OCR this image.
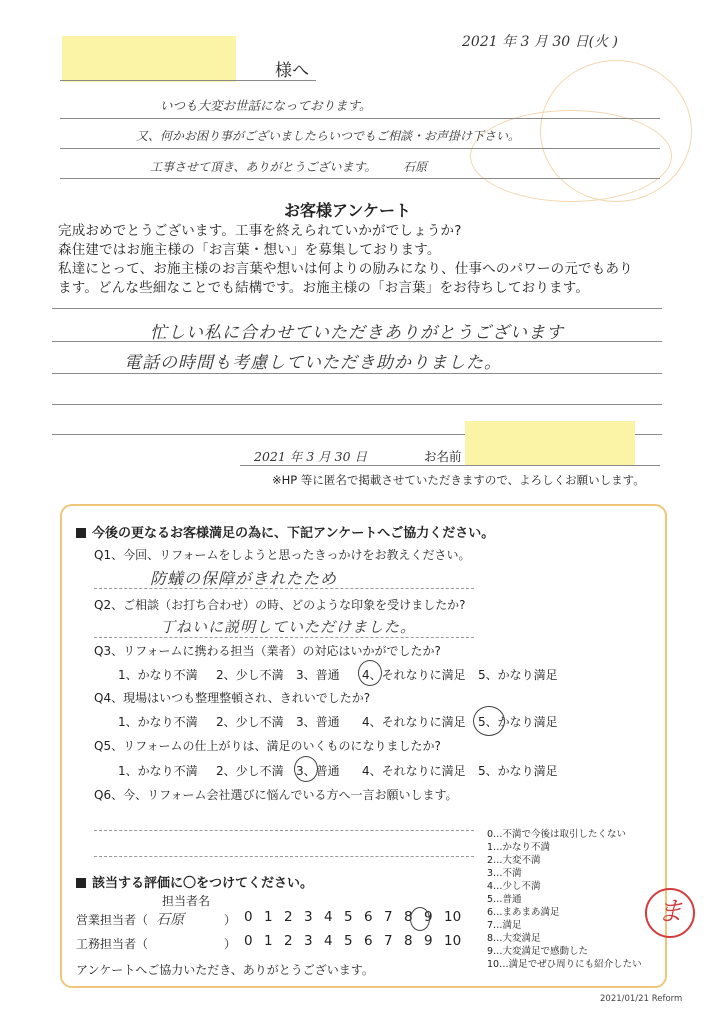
2021 年 3 月 30 日(火 )
様へ
いつも大変お世話になっております。
又、何かお困り事がございましたらいつでもご相談・お声掛け下さい。
工事させて頂き、ありがとうございます。 石原
お客様アンケート
完成おめでとうございます。工事を終えられていかがでしょうか?
森住建ではお施主様の「お言葉・想い」を募集しております。
私達にとって、お施主様のお言葉や想いは何よりの励みになり、仕事へのパワーの元でもあり
ます。どんな些細なことでも結構です。お施主様の「お言葉」をお待ちしております。
忙しい私に合わせていただきありがとうございます
電話の時間も考慮していただき助かりました。
2021 年 3 月 30 日	お名前
※HP 等に匿名で掲載させていただきますので、よろしくお願いします。
今後の更なるお客様満足の為に、下記アンケートへご協力ください。
Q1、今回、リフォームをしようと思ったきっかけをお教えください。
防蟻の保障がきれたため
Q2、ご相談（お打ち合わせ）の時、どのような印象を受けましたか?
丁ねいに説明していただけました。
Q3、リフォームに携わる担当（業者）の対応はいかがでしたか?
1、かなり不満 2、少し不満 3、普通 4、それなりに満足 5、かなり満足
Q4、現場はいつも整理整頓され、きれいでしたか?
1、かなり不満 2、少し不満 3、普通 4、それなりに満足 5、かなり満足
Q5、リフォームの仕上がりは、満足のいくものになりましたか?
1、かなり不満 2、少し不満 3、普通 4、それなりに満足 5、かなり満足
Q6、今、リフォーム会社選びに悩んでいる方へ一言お願いします。
該当する評価に〇をつけてください。
担当者名
営業担当者（ 石原	） 0 1 2 3 4 5 6 7 8 9 10
工務担当者（	） 0 1 2 3 4 5 6 7 8 9 10
アンケートへご協力いただき、ありがとうございます。
0…不満で今後は取引したくない
1…かなり不満
2…大変不満
3…不満
4…少し不満
5…普通
6…まあまあ満足
7…満足
8…大変満足
9…大変満足で感動した
10…満足でぜひ周りにも紹介したい
ま
2021/01/21 Reform
